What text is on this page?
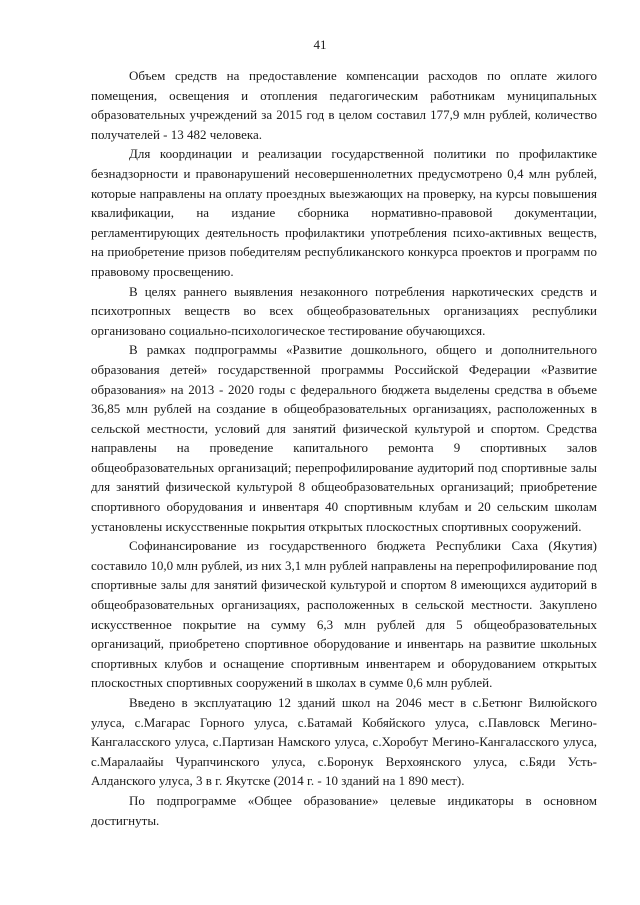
41

Объем средств на предоставление компенсации расходов по оплате жилого помещения, освещения и отопления педагогическим работникам муниципальных образовательных учреждений за 2015 год в целом составил 177,9 млн рублей, количество получателей - 13 482 человека.

Для координации и реализации государственной политики по профилактике безнадзорности и правонарушений несовершеннолетних предусмотрено 0,4 млн рублей, которые направлены на оплату проездных выезжающих на проверку, на курсы повышения квалификации, на издание сборника нормативно-правовой документации, регламентирующих деятельность профилактики употребления психо-активных веществ, на приобретение призов победителям республиканского конкурса проектов и программ по правовому просвещению.

В целях раннего выявления незаконного потребления наркотических средств и психотропных веществ во всех общеобразовательных организациях республики организовано социально-психологическое тестирование обучающихся.

В рамках подпрограммы «Развитие дошкольного, общего и дополнительного образования детей» государственной программы Российской Федерации «Развитие образования» на 2013 - 2020 годы с федерального бюджета выделены средства в объеме 36,85 млн рублей на создание в общеобразовательных организациях, расположенных в сельской местности, условий для занятий физической культурой и спортом. Средства направлены на проведение капитального ремонта 9 спортивных залов общеобразовательных организаций; перепрофилирование аудиторий под спортивные залы для занятий физической культурой 8 общеобразовательных организаций; приобретение спортивного оборудования и инвентаря 40 спортивным клубам и 20 сельским школам установлены искусственные покрытия открытых плоскостных спортивных сооружений.

Софинансирование из государственного бюджета Республики Саха (Якутия) составило 10,0 млн рублей, из них 3,1 млн рублей направлены на перепрофилирование под спортивные залы для занятий физической культурой и спортом 8 имеющихся аудиторий в общеобразовательных организациях, расположенных в сельской местности. Закуплено искусственное покрытие на сумму 6,3 млн рублей для 5 общеобразовательных организаций, приобретено спортивное оборудование и инвентарь на развитие школьных спортивных клубов и оснащение спортивным инвентарем и оборудованием открытых плоскостных спортивных сооружений в школах в сумме 0,6 млн рублей.

Введено в эксплуатацию 12 зданий школ на 2046 мест в с.Бетюнг Вилюйского улуса, с.Магарас Горного улуса, с.Батамай Кобяйского улуса, с.Павловск Мегино-Кангаласского улуса, с.Партизан Намского улуса, с.Хоробут Мегино-Кангаласского улуса, с.Маралаайы Чурапчинского улуса, с.Боронук Верхоянского улуса, с.Бяди Усть-Алданского улуса, 3 в г. Якутске (2014 г. - 10 зданий на 1 890 мест).

По подпрограмме «Общее образование» целевые индикаторы в основном достигнуты.
